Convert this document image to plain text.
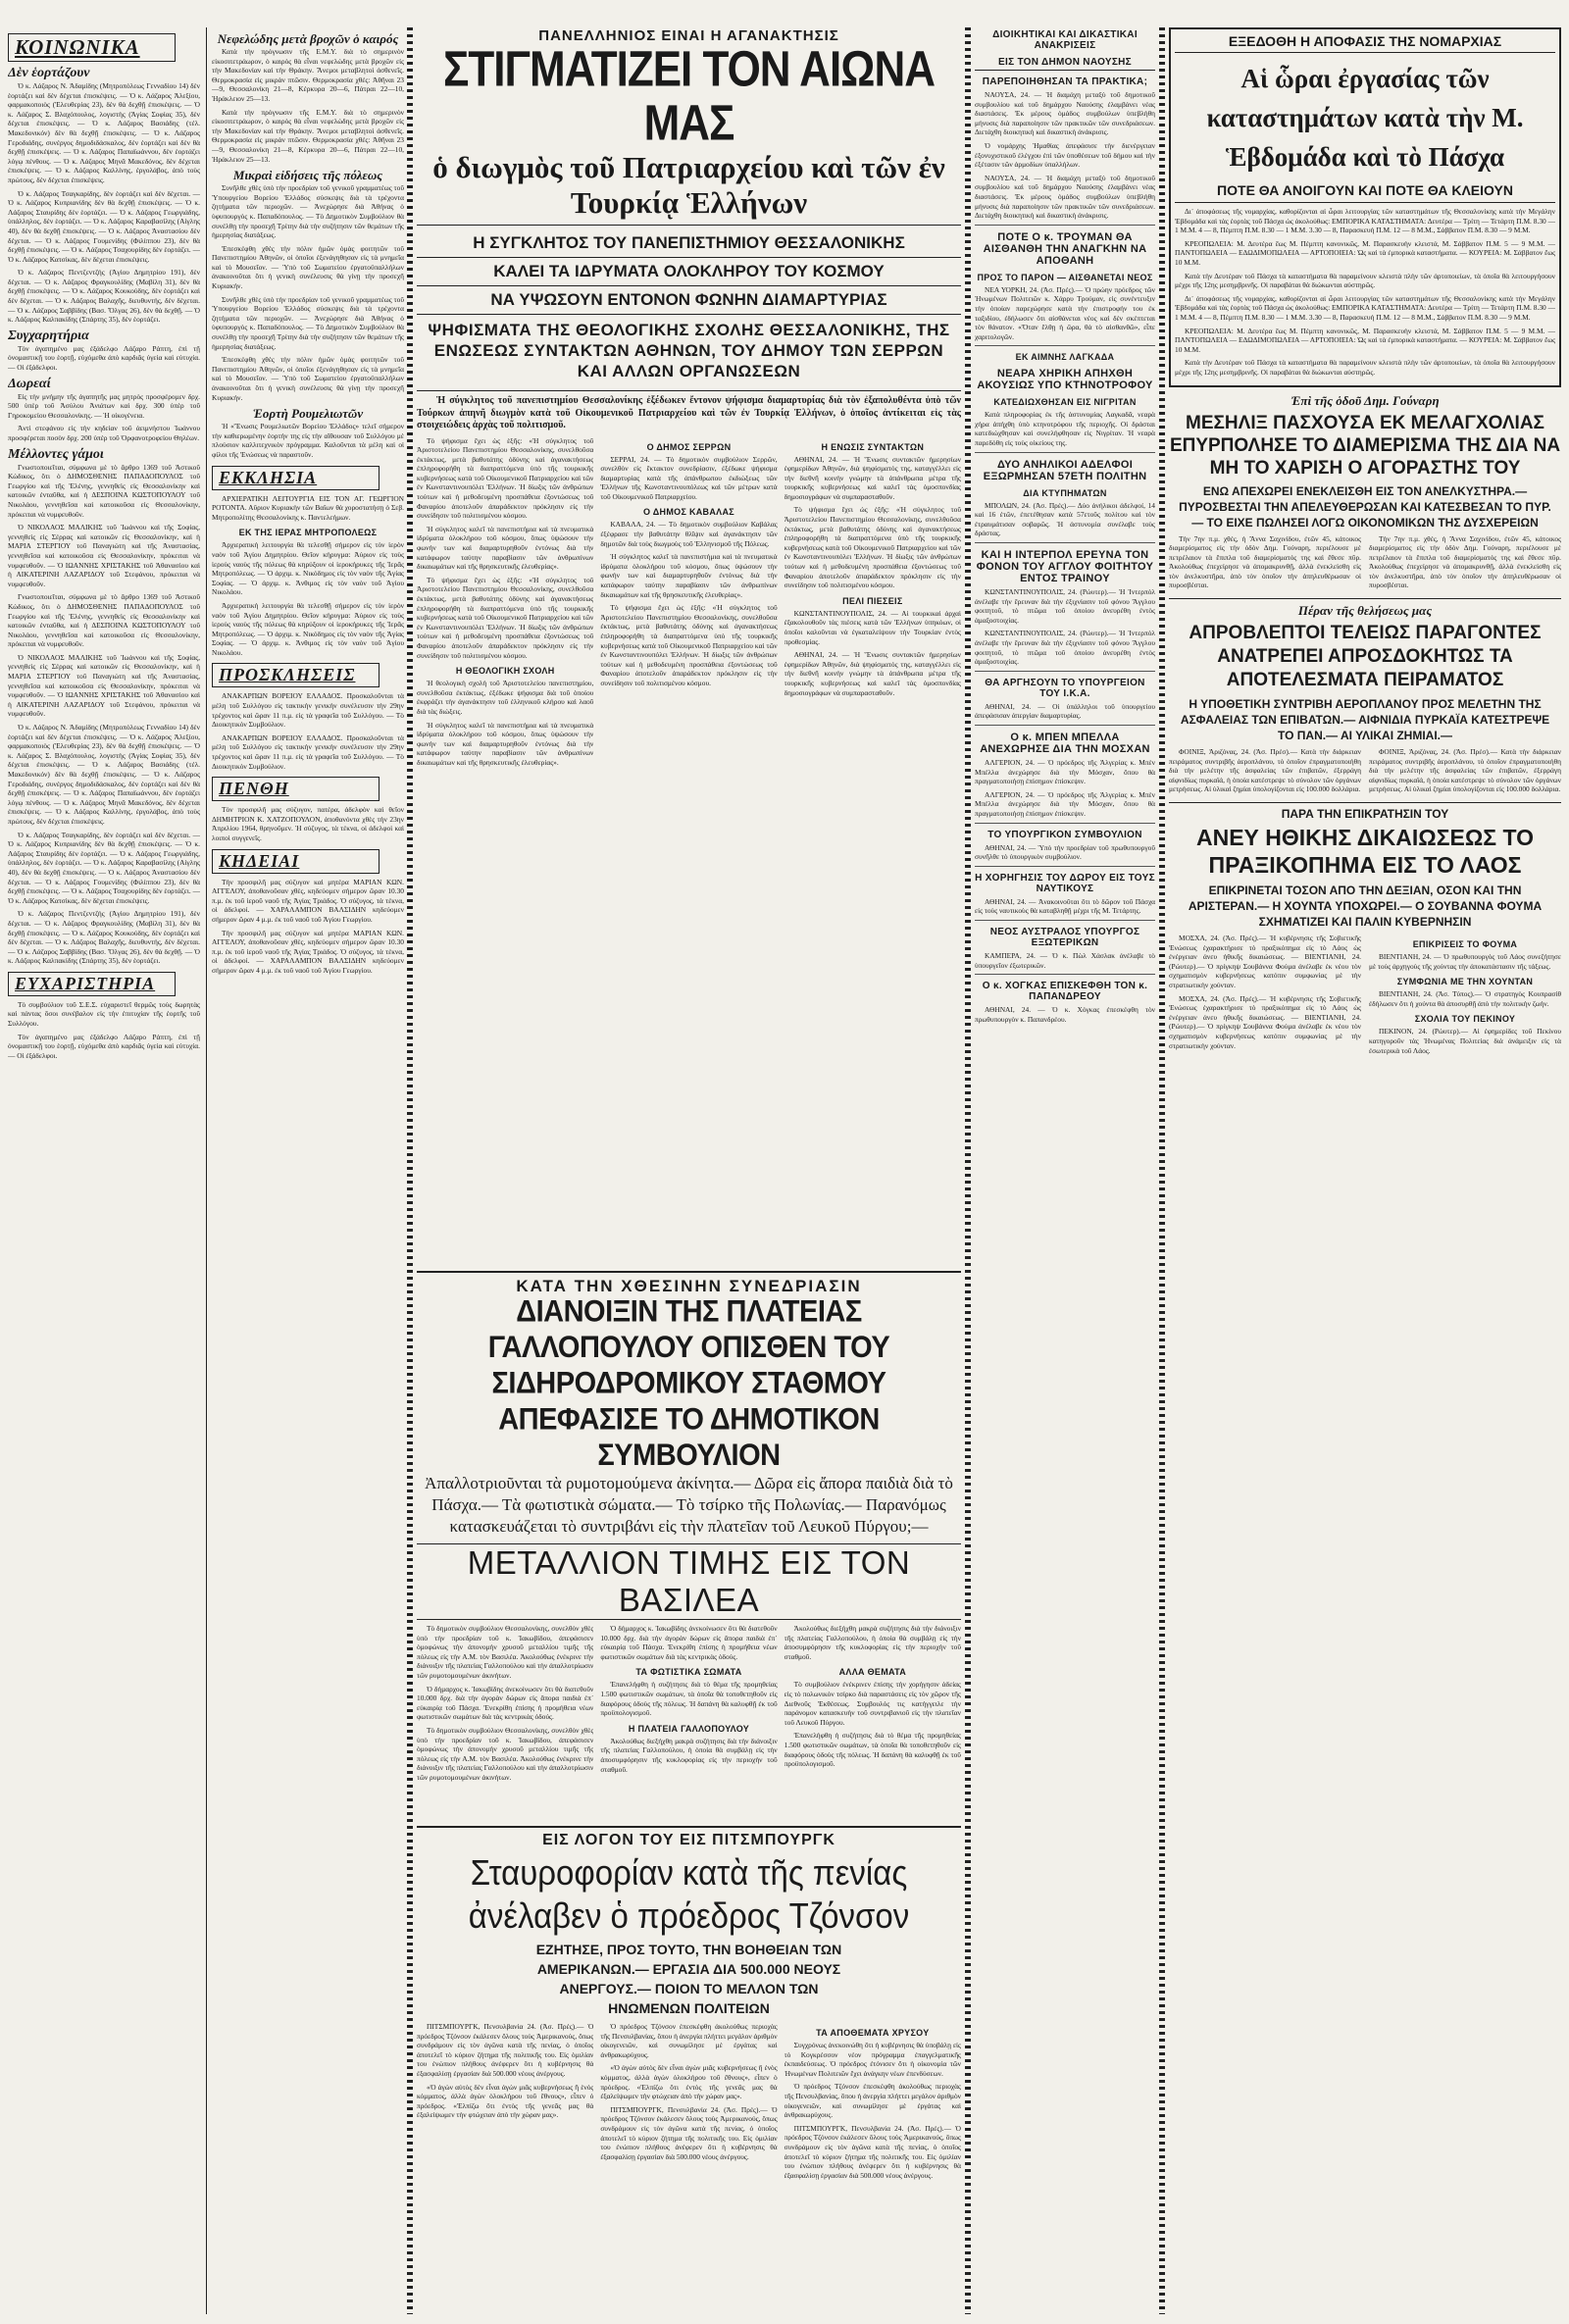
ΚΟΙΝΩΝΙΚΑ
Δὲν ἑορτάζουν

Ὁ κ. Λάζαρος Ν. Ἀδαμίδης (Μητροπόλεως Γενναδίου 14) δὲν ἑορτάζει καὶ δὲν δέχεται ἐπισκέψεις. — Ὁ κ. Λάζαρος Ἀλεξίου, φαρμακοποιὸς (Ἐλευθερίας 23), δὲν θὰ δεχθῇ ἐπισκέψεις. — Ὁ κ. Λάζαρος Σ. Βλαχόπουλος, λογιστὴς (Ἀγίας Σοφίας 35), δὲν δέχεται ἐπισκέψεις. — Ὁ κ. Λάζαρος Βασιάδης (τέλ. Μακεδονικόν) δὲν θὰ δεχθῇ ἐπισκέψεις. — Ὁ κ. Λάζαρος Γεροδιάδης, συνέργος δημοδιδάσκαλος, δὲν ἑορτάζει καὶ δὲν θὰ δεχθῇ ἐπισκέψεις. — Ὁ κ. Λάζαρος Παπαϊωάννου, δὲν ἑορτάζει λόγῳ πένθους. — Ὁ κ. Λάζαρος Μηνᾶ Μακεδόνος, δὲν δέχεται ἐπισκέψεις. — Ὁ κ. Λάζαρος Καλλίνης, ἐργολάβος, ἀπὸ τοὺς πρώτους, δὲν δέχεται ἐπισκέψεις.

Ὁ κ. Λάζαρος Τσαγκαρίδης, δὲν ἑορτάζει καὶ δὲν δέχεται. — Ὁ κ. Λάζαρος Κυπριανίδης δὲν θὰ δεχθῇ ἐπισκέψεις. — Ὁ κ. Λάζαρος Σταυρίδης δὲν ἑορτάζει. — Ὁ κ. Λάζαρος Γεωργιάδης, ὑπάλληλος, δὲν ἑορτάζει. — Ὁ κ. Λάζαρος Καραβασίλης (Αίγλης 40), δὲν θὰ δεχθῇ ἐπισκέψεις. — Ὁ κ. Λάζαρος Ἀναστασίου δὲν δέχεται. — Ὁ κ. Λάζαρος Γουμενίδης (Φιλίππου 23), δὲν θὰ δεχθῇ ἐπισκέψεις. — Ὁ κ. Λάζαρος Τσαχουρίδης δὲν ἑορτάζει. — Ὁ κ. Λάζαρος Κατσίκας, δὲν δέχεται ἐπισκέψεις.

Ὁ κ. Λάζαρος Πεντζεντζής (Ἀγίου Δημητρίου 191), δὲν δέχεται. — Ὁ κ. Λάζαρος Φραγκουλίδης (Μαβίλη 31), δὲν θὰ δεχθῇ ἐπισκέψεις. — Ὁ κ. Λάζαρος Κουκούδης, δὲν ἑορτάζει καὶ δὲν δέχεται. — Ὁ κ. Λάζαρος Βαλαχῆς, διευθυντής, δὲν δέχεται. — Ὁ κ. Λάζαρος Σαββίδης (Βασ. Ὄλγας 26), δὲν θὰ δεχθῇ. — Ὁ κ. Λάζαρος Καλπακίδης (Σπάρτης 35), δὲν ἑορτάζει.

Συγχαρητήρια

Τὸν ἀγαπημένο μας ἐξάδελφο Λάζαρο Ράπτη, ἐπὶ τῇ ὀνομαστικῇ του ἑορτῇ, εὐχόμεθα ἀπὸ καρδιᾶς ὑγεία καὶ εὐτυχία. — Οἱ ἐξάδελφοι.

Δωρεαί

Εἰς τὴν μνήμην τῆς ἀγαπητῆς μας μητρὸς προσφέρομεν δρχ. 500 ὑπὲρ τοῦ Ἀσύλου Ἀνιάτων καὶ δρχ. 300 ὑπὲρ τοῦ Γηροκομείου Θεσσαλονίκης. — Ἡ οἰκογένεια.

Ἀντὶ στεφάνου εἰς τὴν κηδείαν τοῦ ἀειμνήστου Ἰωάννου προσφέρεται ποσὸν δρχ. 200 ὑπὲρ τοῦ Ὀρφανοτροφείου Θηλέων.

Μέλλοντες γάμοι

Γνωστοποιεῖται, σύμφωνα μὲ τὸ ἄρθρο 1369 τοῦ Ἀστικοῦ Κώδικος, ὅτι ὁ ΔΗΜΟΣΘΕΝΗΣ ΠΑΠΑΔΟΠΟΥΛΟΣ τοῦ Γεωργίου καὶ τῆς Ἑλένης, γεννηθεὶς εἰς Θεσσαλονίκην καὶ κατοικῶν ἐνταῦθα, καὶ ἡ ΔΕΣΠΟΙΝΑ ΚΩΣΤΟΠΟΥΛΟΥ τοῦ Νικολάου, γεννηθεῖσα καὶ κατοικοῦσα εἰς Θεσσαλονίκην, πρόκειται νὰ νυμφευθοῦν.

Ὁ ΝΙΚΟΛΑΟΣ ΜΑΛΙΚΗΣ τοῦ Ἰωάννου καὶ τῆς Σοφίας, γεννηθεὶς εἰς Σέρρας καὶ κατοικῶν εἰς Θεσσαλονίκην, καὶ ἡ ΜΑΡΙΑ ΣΤΕΡΓΙΟΥ τοῦ Παναγιώτη καὶ τῆς Ἀναστασίας, γεννηθεῖσα καὶ κατοικοῦσα εἰς Θεσσαλονίκην, πρόκειται νὰ νυμφευθοῦν. — Ὁ ΙΩΑΝΝΗΣ ΧΡΙΣΤΑΚΗΣ τοῦ Ἀθανασίου καὶ ἡ ΑΙΚΑΤΕΡΙΝΗ ΛΑΖΑΡΙΔΟΥ τοῦ Στεφάνου, πρόκειται νὰ νυμφευθοῦν.

Γνωστοποιεῖται, σύμφωνα μὲ τὸ ἄρθρο 1369 τοῦ Ἀστικοῦ Κώδικος, ὅτι ὁ ΔΗΜΟΣΘΕΝΗΣ ΠΑΠΑΔΟΠΟΥΛΟΣ τοῦ Γεωργίου καὶ τῆς Ἑλένης, γεννηθεὶς εἰς Θεσσαλονίκην καὶ κατοικῶν ἐνταῦθα, καὶ ἡ ΔΕΣΠΟΙΝΑ ΚΩΣΤΟΠΟΥΛΟΥ τοῦ Νικολάου, γεννηθεῖσα καὶ κατοικοῦσα εἰς Θεσσαλονίκην, πρόκειται νὰ νυμφευθοῦν.

Ὁ ΝΙΚΟΛΑΟΣ ΜΑΛΙΚΗΣ τοῦ Ἰωάννου καὶ τῆς Σοφίας, γεννηθεὶς εἰς Σέρρας καὶ κατοικῶν εἰς Θεσσαλονίκην, καὶ ἡ ΜΑΡΙΑ ΣΤΕΡΓΙΟΥ τοῦ Παναγιώτη καὶ τῆς Ἀναστασίας, γεννηθεῖσα καὶ κατοικοῦσα εἰς Θεσσαλονίκην, πρόκειται νὰ νυμφευθοῦν. — Ὁ ΙΩΑΝΝΗΣ ΧΡΙΣΤΑΚΗΣ τοῦ Ἀθανασίου καὶ ἡ ΑΙΚΑΤΕΡΙΝΗ ΛΑΖΑΡΙΔΟΥ τοῦ Στεφάνου, πρόκειται νὰ νυμφευθοῦν.

Ὁ κ. Λάζαρος Ν. Ἀδαμίδης (Μητροπόλεως Γενναδίου 14) δὲν ἑορτάζει καὶ δὲν δέχεται ἐπισκέψεις. — Ὁ κ. Λάζαρος Ἀλεξίου, φαρμακοποιὸς (Ἐλευθερίας 23), δὲν θὰ δεχθῇ ἐπισκέψεις. — Ὁ κ. Λάζαρος Σ. Βλαχόπουλος, λογιστὴς (Ἀγίας Σοφίας 35), δὲν δέχεται ἐπισκέψεις. — Ὁ κ. Λάζαρος Βασιάδης (τέλ. Μακεδονικόν) δὲν θὰ δεχθῇ ἐπισκέψεις. — Ὁ κ. Λάζαρος Γεροδιάδης, συνέργος δημοδιδάσκαλος, δὲν ἑορτάζει καὶ δὲν θὰ δεχθῇ ἐπισκέψεις. — Ὁ κ. Λάζαρος Παπαϊωάννου, δὲν ἑορτάζει λόγῳ πένθους. — Ὁ κ. Λάζαρος Μηνᾶ Μακεδόνος, δὲν δέχεται ἐπισκέψεις. — Ὁ κ. Λάζαρος Καλλίνης, ἐργολάβος, ἀπὸ τοὺς πρώτους, δὲν δέχεται ἐπισκέψεις.

Ὁ κ. Λάζαρος Τσαγκαρίδης, δὲν ἑορτάζει καὶ δὲν δέχεται. — Ὁ κ. Λάζαρος Κυπριανίδης δὲν θὰ δεχθῇ ἐπισκέψεις. — Ὁ κ. Λάζαρος Σταυρίδης δὲν ἑορτάζει. — Ὁ κ. Λάζαρος Γεωργιάδης, ὑπάλληλος, δὲν ἑορτάζει. — Ὁ κ. Λάζαρος Καραβασίλης (Αίγλης 40), δὲν θὰ δεχθῇ ἐπισκέψεις. — Ὁ κ. Λάζαρος Ἀναστασίου δὲν δέχεται. — Ὁ κ. Λάζαρος Γουμενίδης (Φιλίππου 23), δὲν θὰ δεχθῇ ἐπισκέψεις. — Ὁ κ. Λάζαρος Τσαχουρίδης δὲν ἑορτάζει. — Ὁ κ. Λάζαρος Κατσίκας, δὲν δέχεται ἐπισκέψεις.

Ὁ κ. Λάζαρος Πεντζεντζής (Ἀγίου Δημητρίου 191), δὲν δέχεται. — Ὁ κ. Λάζαρος Φραγκουλίδης (Μαβίλη 31), δὲν θὰ δεχθῇ ἐπισκέψεις. — Ὁ κ. Λάζαρος Κουκούδης, δὲν ἑορτάζει καὶ δὲν δέχεται. — Ὁ κ. Λάζαρος Βαλαχῆς, διευθυντής, δὲν δέχεται. — Ὁ κ. Λάζαρος Σαββίδης (Βασ. Ὄλγας 26), δὲν θὰ δεχθῇ. — Ὁ κ. Λάζαρος Καλπακίδης (Σπάρτης 35), δὲν ἑορτάζει.

ΕΥΧΑΡΙΣΤΗΡΙΑ

Τὸ συμβούλιον τοῦ Σ.Ε.Σ. εὐχαριστεῖ θερμῶς τοὺς δωρητὰς καὶ πάντας ὅσοι συνέβαλον εἰς τὴν ἐπιτυχίαν τῆς ἑορτῆς τοῦ Συλλόγου.

Τὸν ἀγαπημένο μας ἐξάδελφο Λάζαρο Ράπτη, ἐπὶ τῇ ὀνομαστικῇ του ἑορτῇ, εὐχόμεθα ἀπὸ καρδιᾶς ὑγεία καὶ εὐτυχία. — Οἱ ἐξάδελφοι.

Νεφελώδης μετὰ βροχῶν ὁ καιρός

Κατὰ τὴν πρόγνωσιν τῆς Ε.Μ.Υ. διὰ τὸ σημερινὸν εἰκοσιτετράωρον, ὁ καιρὸς θὰ εἶναι νεφελώδης μετὰ βροχῶν εἰς τὴν Μακεδονίαν καὶ τὴν Θράκην. Ἄνεμοι μεταβλητοὶ ἀσθενεῖς. Θερμοκρασία εἰς μικρὰν πτῶσιν. Θερμοκρασία χθές: Ἀθῆναι 23—9, Θεσσαλονίκη 21—8, Κέρκυρα 20—6, Πάτραι 22—10, Ἡράκλειον 25—13.

Κατὰ τὴν πρόγνωσιν τῆς Ε.Μ.Υ. διὰ τὸ σημερινὸν εἰκοσιτετράωρον, ὁ καιρὸς θὰ εἶναι νεφελώδης μετὰ βροχῶν εἰς τὴν Μακεδονίαν καὶ τὴν Θράκην. Ἄνεμοι μεταβλητοὶ ἀσθενεῖς. Θερμοκρασία εἰς μικρὰν πτῶσιν. Θερμοκρασία χθές: Ἀθῆναι 23—9, Θεσσαλονίκη 21—8, Κέρκυρα 20—6, Πάτραι 22—10, Ἡράκλειον 25—13.

Μικραὶ εἰδήσεις τῆς πόλεως

Συνῆλθε χθὲς ὑπὸ τὴν προεδρίαν τοῦ γενικοῦ γραμματέως τοῦ Ὑπουργείου Βορείου Ἑλλάδος σύσκεψις διὰ τὰ τρέχοντα ζητήματα τῶν περιοχῶν. — Ἀνεχώρησε διὰ Ἀθήνας ὁ ὑφυπουργὸς κ. Παπαδόπουλος. — Τὸ Δημοτικὸν Συμβούλιον θὰ συνέλθῃ τὴν προσεχῆ Τρίτην διὰ τὴν συζήτησιν τῶν θεμάτων τῆς ἡμερησίας διατάξεως.

Ἐπεσκέφθη χθὲς τὴν πόλιν ἡμῶν ὁμὰς φοιτητῶν τοῦ Πανεπιστημίου Ἀθηνῶν, οἱ ὁποῖοι ἐξενάγηθησαν εἰς τὰ μνημεῖα καὶ τὸ Μουσεῖον. — Ὑπὸ τοῦ Σωματείου ἐργατοϋπαλλήλων ἀνακοινοῦται ὅτι ἡ γενικὴ συνέλευσις θὰ γίνῃ τὴν προσεχῆ Κυριακήν.

Συνῆλθε χθὲς ὑπὸ τὴν προεδρίαν τοῦ γενικοῦ γραμματέως τοῦ Ὑπουργείου Βορείου Ἑλλάδος σύσκεψις διὰ τὰ τρέχοντα ζητήματα τῶν περιοχῶν. — Ἀνεχώρησε διὰ Ἀθήνας ὁ ὑφυπουργὸς κ. Παπαδόπουλος. — Τὸ Δημοτικὸν Συμβούλιον θὰ συνέλθῃ τὴν προσεχῆ Τρίτην διὰ τὴν συζήτησιν τῶν θεμάτων τῆς ἡμερησίας διατάξεως.

Ἐπεσκέφθη χθὲς τὴν πόλιν ἡμῶν ὁμὰς φοιτητῶν τοῦ Πανεπιστημίου Ἀθηνῶν, οἱ ὁποῖοι ἐξενάγηθησαν εἰς τὰ μνημεῖα καὶ τὸ Μουσεῖον. — Ὑπὸ τοῦ Σωματείου ἐργατοϋπαλλήλων ἀνακοινοῦται ὅτι ἡ γενικὴ συνέλευσις θὰ γίνῃ τὴν προσεχῆ Κυριακήν.

Ἑορτὴ Ρουμελιωτῶν

Ἡ «Ἕνωσις Ρουμελιωτῶν Βορείου Ἑλλάδος» τελεῖ σήμερον τὴν καθιερωμένην ἑορτήν της εἰς τὴν αἴθουσαν τοῦ Συλλόγου μὲ πλούσιον καλλιτεχνικὸν πρόγραμμα. Καλοῦνται τὰ μέλη καὶ οἱ φίλοι τῆς Ἑνώσεως νὰ παραστοῦν.

ΕΚΚΛΗΣΙΑ

ΑΡΧΙΕΡΑΤΙΚΗ ΛΕΙΤΟΥΡΓΙΑ ΕΙΣ ΤΟΝ ΑΓ. ΓΕΩΡΓΙΟΝ ΡΟΤΟΝΤΑ. Αὔριον Κυριακὴν τῶν Βαΐων θὰ χοροστατήσῃ ὁ Σεβ. Μητροπολίτης Θεσσαλονίκης κ. Παντελεήμων.

ΕΚ ΤΗΣ ΙΕΡΑΣ ΜΗΤΡΟΠΟΛΕΩΣ

Ἀρχιερατικὴ λειτουργία θὰ τελεσθῇ σήμερον εἰς τὸν ἱερὸν ναὸν τοῦ Ἁγίου Δημητρίου. Θεῖον κήρυγμα: Ἀύριον εἰς τοὺς ἱεροὺς ναοὺς τῆς πόλεως θὰ κηρύξουν οἱ ἱεροκήρυκες τῆς Ἱερᾶς Μητροπόλεως. — Ὁ ἀρχιμ. κ. Νικόδημος εἰς τὸν ναὸν τῆς Ἁγίας Σοφίας. — Ὁ ἀρχιμ. κ. Ἀνθιμος εἰς τὸν ναὸν τοῦ Ἁγίου Νικολάου.

Ἀρχιερατικὴ λειτουργία θὰ τελεσθῇ σήμερον εἰς τὸν ἱερὸν ναὸν τοῦ Ἁγίου Δημητρίου. Θεῖον κήρυγμα: Ἀύριον εἰς τοὺς ἱεροὺς ναοὺς τῆς πόλεως θὰ κηρύξουν οἱ ἱεροκήρυκες τῆς Ἱερᾶς Μητροπόλεως. — Ὁ ἀρχιμ. κ. Νικόδημος εἰς τὸν ναὸν τῆς Ἁγίας Σοφίας. — Ὁ ἀρχιμ. κ. Ἀνθιμος εἰς τὸν ναὸν τοῦ Ἁγίου Νικολάου.

ΠΡΟΣΚΛΗΣΕΙΣ

ΑΝΑΚΑΡΠΩΝ ΒΟΡΕΙΟΥ ΕΛΛΑΔΟΣ. Προσκαλοῦνται τὰ μέλη τοῦ Συλλόγου εἰς τακτικὴν γενικὴν συνέλευσιν τὴν 29ην τρέχοντος καὶ ὥραν 11 π.μ. εἰς τὰ γραφεῖα τοῦ Συλλόγου. — Τὸ Διοικητικὸν Συμβούλιον.

ΑΝΑΚΑΡΠΩΝ ΒΟΡΕΙΟΥ ΕΛΛΑΔΟΣ. Προσκαλοῦνται τὰ μέλη τοῦ Συλλόγου εἰς τακτικὴν γενικὴν συνέλευσιν τὴν 29ην τρέχοντος καὶ ὥραν 11 π.μ. εἰς τὰ γραφεῖα τοῦ Συλλόγου. — Τὸ Διοικητικὸν Συμβούλιον.

ΠΕΝΘΗ

Τὸν προσφιλῆ μας σύζυγον, πατέρα, ἀδελφὸν καὶ θεῖον ΔΗΜΗΤΡΙΟΝ Κ. ΧΑΤΖΟΠΟΥΛΟΝ, ἀποθανόντα χθὲς τὴν 23ην Ἀπριλίου 1964, θρηνοῦμεν. Ἡ σύζυγος, τὰ τέκνα, οἱ ἀδελφοὶ καὶ λοιποὶ συγγενεῖς.

ΚΗΔΕΙΑΙ

Τὴν προσφιλῆ μας σύζυγον καὶ μητέρα ΜΑΡΙΑΝ ΚΩΝ. ΑΓΓΕΛΟΥ, ἀποθανοῦσαν χθὲς, κηδεύομεν σήμερον ὥραν 10.30 π.μ. ἐκ τοῦ ἱεροῦ ναοῦ τῆς Ἁγίας Τριάδος. Ὁ σύζυγος, τὰ τέκνα, οἱ ἀδελφοί. — ΧΑΡΑΛΑΜΠΟΝ ΒΑΛΣΙΔΗΝ κηδεύομεν σήμερον ὥραν 4 μ.μ. ἐκ τοῦ ναοῦ τοῦ Ἁγίου Γεωργίου.

Τὴν προσφιλῆ μας σύζυγον καὶ μητέρα ΜΑΡΙΑΝ ΚΩΝ. ΑΓΓΕΛΟΥ, ἀποθανοῦσαν χθὲς, κηδεύομεν σήμερον ὥραν 10.30 π.μ. ἐκ τοῦ ἱεροῦ ναοῦ τῆς Ἁγίας Τριάδος. Ὁ σύζυγος, τὰ τέκνα, οἱ ἀδελφοί. — ΧΑΡΑΛΑΜΠΟΝ ΒΑΛΣΙΔΗΝ κηδεύομεν σήμερον ὥραν 4 μ.μ. ἐκ τοῦ ναοῦ τοῦ Ἁγίου Γεωργίου.

ΠΑΝΕΛΛΗΝΙΟΣ ΕΙΝΑΙ Η ΑΓΑΝΑΚΤΗΣΙΣ
ΣΤΙΓΜΑΤΙΖΕΙ ΤΟΝ ΑΙΩΝΑ ΜΑΣ
ὁ διωγμὸς τοῦ Πατριαρχείου καὶ τῶν ἐν Τουρκίᾳ Ἑλλήνων
Η ΣΥΓΚΛΗΤΟΣ ΤΟΥ ΠΑΝΕΠΙΣΤΗΜΙΟΥ ΘΕΣΣΑΛΟΝΙΚΗΣ
ΚΑΛΕΙ ΤΑ ΙΔΡΥΜΑΤΑ ΟΛΟΚΛΗΡΟΥ ΤΟΥ ΚΟΣΜΟΥ
ΝΑ ΥΨΩΣΟΥΝ ΕΝΤΟΝΟΝ ΦΩΝΗΝ ΔΙΑΜΑΡΤΥΡΙΑΣ
ΨΗΦΙΣΜΑΤΑ ΤΗΣ ΘΕΟΛΟΓΙΚΗΣ ΣΧΟΛΗΣ ΘΕΣΣΑΛΟΝΙΚΗΣ, ΤΗΣ ΕΝΩΣΕΩΣ ΣΥΝΤΑΚΤΩΝ ΑΘΗΝΩΝ, ΤΟΥ ΔΗΜΟΥ ΤΩΝ ΣΕΡΡΩΝ ΚΑΙ ΑΛΛΩΝ ΟΡΓΑΝΩΣΕΩΝ

Ἡ σύγκλητος τοῦ πανεπιστημίου Θεσσαλονίκης ἐξέδωκεν ἔντονον ψήφισμα διαμαρτυρίας διὰ τὸν ἐξαπολυθέντα ὑπὸ τῶν Τούρκων ἀπηνῆ διωγμὸν κατὰ τοῦ Οἰκουμενικοῦ Πατριαρχείου καὶ τῶν ἐν Τουρκίᾳ Ἑλλήνων, ὁ ὁποῖος ἀντίκειται εἰς τὰς στοιχειώδεις ἀρχὰς τοῦ πολιτισμοῦ.

Τὸ ψήφισμα ἔχει ὡς ἑξῆς: «Ἡ σύγκλητος τοῦ Ἀριστοτελείου Πανεπιστημίου Θεσσαλονίκης, συνελθοῦσα ἐκτάκτως, μετὰ βαθυτάτης ὀδύνης καὶ ἀγανακτήσεως ἐπληροφορήθη τὰ διαπραττόμενα ὑπὸ τῆς τουρκικῆς κυβερνήσεως κατὰ τοῦ Οἰκουμενικοῦ Πατριαρχείου καὶ τῶν ἐν Κωνσταντινουπόλει Ἑλλήνων. Ἡ δίωξις τῶν ἀνθρώπων τούτων καὶ ἡ μεθοδευμένη προσπάθεια ἐξοντώσεως τοῦ Φαναρίου ἀποτελοῦν ἀπαράδεκτον πρόκλησιν εἰς τὴν συνείδησιν τοῦ πολιτισμένου κόσμου.

Ἡ σύγκλητος καλεῖ τὰ πανεπιστήμια καὶ τὰ πνευματικὰ ἱδρύματα ὁλοκλήρου τοῦ κόσμου, ὅπως ὑψώσουν τὴν φωνήν των καὶ διαμαρτυρηθοῦν ἐντόνως διὰ τὴν κατάφωρον ταύτην παραβίασιν τῶν ἀνθρωπίνων δικαιωμάτων καὶ τῆς θρησκευτικῆς ἐλευθερίας».

Τὸ ψήφισμα ἔχει ὡς ἑξῆς: «Ἡ σύγκλητος τοῦ Ἀριστοτελείου Πανεπιστημίου Θεσσαλονίκης, συνελθοῦσα ἐκτάκτως, μετὰ βαθυτάτης ὀδύνης καὶ ἀγανακτήσεως ἐπληροφορήθη τὰ διαπραττόμενα ὑπὸ τῆς τουρκικῆς κυβερνήσεως κατὰ τοῦ Οἰκουμενικοῦ Πατριαρχείου καὶ τῶν ἐν Κωνσταντινουπόλει Ἑλλήνων. Ἡ δίωξις τῶν ἀνθρώπων τούτων καὶ ἡ μεθοδευμένη προσπάθεια ἐξοντώσεως τοῦ Φαναρίου ἀποτελοῦν ἀπαράδεκτον πρόκλησιν εἰς τὴν συνείδησιν τοῦ πολιτισμένου κόσμου.

Η ΘΕΟΛΟΓΙΚΗ ΣΧΟΛΗ

Ἡ θεολογικὴ σχολὴ τοῦ Ἀριστοτελείου πανεπιστημίου, συνελθοῦσα ἐκτάκτως, ἐξέδωκε ψήφισμα διὰ τοῦ ὁποίου ἐκφράζει τὴν ἀγανάκτησιν τοῦ ἑλληνικοῦ κλήρου καὶ λαοῦ διὰ τὰς διώξεις.

Ἡ σύγκλητος καλεῖ τὰ πανεπιστήμια καὶ τὰ πνευματικὰ ἱδρύματα ὁλοκλήρου τοῦ κόσμου, ὅπως ὑψώσουν τὴν φωνήν των καὶ διαμαρτυρηθοῦν ἐντόνως διὰ τὴν κατάφωρον ταύτην παραβίασιν τῶν ἀνθρωπίνων δικαιωμάτων καὶ τῆς θρησκευτικῆς ἐλευθερίας».

Ο ΔΗΜΟΣ ΣΕΡΡΩΝ

ΣΕΡΡΑΙ, 24. — Τὸ δημοτικὸν συμβούλιον Σερρῶν, συνελθὸν εἰς ἔκτακτον συνεδρίασιν, ἐξέδωκε ψήφισμα διαμαρτυρίας κατὰ τῆς ἀπάνθρωπου ἐκδιώξεως τῶν Ἑλλήνων τῆς Κωνσταντινουπόλεως καὶ τῶν μέτρων κατὰ τοῦ Οἰκουμενικοῦ Πατριαρχείου.

Ο ΔΗΜΟΣ ΚΑΒΑΛΑΣ

ΚΑΒΑΛΑ, 24. — Τὸ δημοτικὸν συμβούλιον Καβάλας ἐξέφρασε τὴν βαθυτάτην θλῖψιν καὶ ἀγανάκτησιν τῶν δημοτῶν διὰ τοὺς διωγμοὺς τοῦ Ἑλληνισμοῦ τῆς Πόλεως.

Ἡ σύγκλητος καλεῖ τὰ πανεπιστήμια καὶ τὰ πνευματικὰ ἱδρύματα ὁλοκλήρου τοῦ κόσμου, ὅπως ὑψώσουν τὴν φωνήν των καὶ διαμαρτυρηθοῦν ἐντόνως διὰ τὴν κατάφωρον ταύτην παραβίασιν τῶν ἀνθρωπίνων δικαιωμάτων καὶ τῆς θρησκευτικῆς ἐλευθερίας».

Τὸ ψήφισμα ἔχει ὡς ἑξῆς: «Ἡ σύγκλητος τοῦ Ἀριστοτελείου Πανεπιστημίου Θεσσαλονίκης, συνελθοῦσα ἐκτάκτως, μετὰ βαθυτάτης ὀδύνης καὶ ἀγανακτήσεως ἐπληροφορήθη τὰ διαπραττόμενα ὑπὸ τῆς τουρκικῆς κυβερνήσεως κατὰ τοῦ Οἰκουμενικοῦ Πατριαρχείου καὶ τῶν ἐν Κωνσταντινουπόλει Ἑλλήνων. Ἡ δίωξις τῶν ἀνθρώπων τούτων καὶ ἡ μεθοδευμένη προσπάθεια ἐξοντώσεως τοῦ Φαναρίου ἀποτελοῦν ἀπαράδεκτον πρόκλησιν εἰς τὴν συνείδησιν τοῦ πολιτισμένου κόσμου.

Η ΕΝΩΣΙΣ ΣΥΝΤΑΚΤΩΝ

ΑΘΗΝΑΙ, 24. — Ἡ Ἕνωσις συντακτῶν ἡμερησίων ἐφημερίδων Ἀθηνῶν, διὰ ψηφίσματός της, καταγγέλλει εἰς τὴν διεθνῆ κοινὴν γνώμην τὰ ἀπάνθρωπα μέτρα τῆς τουρκικῆς κυβερνήσεως καὶ καλεῖ τὰς ὁμοσπονδίας δημοσιογράφων νὰ συμπαρασταθοῦν.

Τὸ ψήφισμα ἔχει ὡς ἑξῆς: «Ἡ σύγκλητος τοῦ Ἀριστοτελείου Πανεπιστημίου Θεσσαλονίκης, συνελθοῦσα ἐκτάκτως, μετὰ βαθυτάτης ὀδύνης καὶ ἀγανακτήσεως ἐπληροφορήθη τὰ διαπραττόμενα ὑπὸ τῆς τουρκικῆς κυβερνήσεως κατὰ τοῦ Οἰκουμενικοῦ Πατριαρχείου καὶ τῶν ἐν Κωνσταντινουπόλει Ἑλλήνων. Ἡ δίωξις τῶν ἀνθρώπων τούτων καὶ ἡ μεθοδευμένη προσπάθεια ἐξοντώσεως τοῦ Φαναρίου ἀποτελοῦν ἀπαράδεκτον πρόκλησιν εἰς τὴν συνείδησιν τοῦ πολιτισμένου κόσμου.

ΠΕΛΙ ΠΙΕΣΕΙΣ

ΚΩΝΣΤΑΝΤΙΝΟΥΠΟΛΙΣ, 24. — Αἱ τουρκικαὶ ἀρχαὶ ἐξακολουθοῦν τὰς πιέσεις κατὰ τῶν Ἑλλήνων ὑπηκόων, οἱ ὁποῖοι καλοῦνται νὰ ἐγκαταλείψουν τὴν Τουρκίαν ἐντὸς προθεσμίας.

ΑΘΗΝΑΙ, 24. — Ἡ Ἕνωσις συντακτῶν ἡμερησίων ἐφημερίδων Ἀθηνῶν, διὰ ψηφίσματός της, καταγγέλλει εἰς τὴν διεθνῆ κοινὴν γνώμην τὰ ἀπάνθρωπα μέτρα τῆς τουρκικῆς κυβερνήσεως καὶ καλεῖ τὰς ὁμοσπονδίας δημοσιογράφων νὰ συμπαρασταθοῦν.

ΚΑΤΑ ΤΗΝ ΧΘΕΣΙΝΗΝ ΣΥΝΕΔΡΙΑΣΙΝ
ΔΙΑΝΟΙΞΙΝ ΤΗΣ ΠΛΑΤΕΙΑΣ ΓΑΛΛΟΠΟΥΛΟΥ ΟΠΙΣΘΕΝ ΤΟΥ ΣΙΔΗΡΟΔΡΟΜΙΚΟΥ ΣΤΑΘΜΟΥ ΑΠΕΦΑΣΙΣΕ ΤΟ ΔΗΜΟΤΙΚΟΝ ΣΥΜΒΟΥΛΙΟΝ
Ἀπαλλοτριοῦνται τὰ ρυμοτομούμενα ἀκίνητα.— Δῶρα εἰς ἄπορα παιδιὰ διὰ τὸ Πάσχα.— Τὰ φωτιστικὰ σώματα.— Τὸ τσίρκο τῆς Πολωνίας.— Παρανόμως κατασκευάζεται τὸ συντριβάνι εἰς τὴν πλατεῖαν τοῦ Λευκοῦ Πύργου;—
ΜΕΤΑΛΛΙΟΝ ΤΙΜΗΣ ΕΙΣ ΤΟΝ ΒΑΣΙΛΕΑ

Τὸ δημοτικὸν συμβούλιον Θεσσαλονίκης, συνελθὸν χθὲς ὑπὸ τὴν προεδρίαν τοῦ κ. Ἰακωβίδου, ἀπεφάσισεν ὁμοφώνως τὴν ἀπονομὴν χρυσοῦ μεταλλίου τιμῆς τῆς πόλεως εἰς τὴν Α.Μ. τὸν Βασιλέα. Ἀκολούθως ἐνέκρινε τὴν διάνοιξιν τῆς πλατείας Γαλλοπούλου καὶ τὴν ἀπαλλοτρίωσιν τῶν ρυμοτομουμένων ἀκινήτων.

Ὁ δήμαρχος κ. Ἰακωβίδης ἀνεκοίνωσεν ὅτι θὰ διατεθοῦν 10.000 δρχ. διὰ τὴν ἀγορὰν δώρων εἰς ἄπορα παιδιὰ ἐπ᾽ εὐκαιρίᾳ τοῦ Πάσχα. Ἐνεκρίθη ἐπίσης ἡ προμήθεια νέων φωτιστικῶν σωμάτων διὰ τὰς κεντρικὰς ὁδούς.

Τὸ δημοτικὸν συμβούλιον Θεσσαλονίκης, συνελθὸν χθὲς ὑπὸ τὴν προεδρίαν τοῦ κ. Ἰακωβίδου, ἀπεφάσισεν ὁμοφώνως τὴν ἀπονομὴν χρυσοῦ μεταλλίου τιμῆς τῆς πόλεως εἰς τὴν Α.Μ. τὸν Βασιλέα. Ἀκολούθως ἐνέκρινε τὴν διάνοιξιν τῆς πλατείας Γαλλοπούλου καὶ τὴν ἀπαλλοτρίωσιν τῶν ρυμοτομουμένων ἀκινήτων.

Ὁ δήμαρχος κ. Ἰακωβίδης ἀνεκοίνωσεν ὅτι θὰ διατεθοῦν 10.000 δρχ. διὰ τὴν ἀγορὰν δώρων εἰς ἄπορα παιδιὰ ἐπ᾽ εὐκαιρίᾳ τοῦ Πάσχα. Ἐνεκρίθη ἐπίσης ἡ προμήθεια νέων φωτιστικῶν σωμάτων διὰ τὰς κεντρικὰς ὁδούς.

ΤΑ ΦΩΤΙΣΤΙΚΑ ΣΩΜΑΤΑ

Ἐπανελήφθη ἡ συζήτησις διὰ τὸ θέμα τῆς προμηθείας 1.500 φωτιστικῶν σωμάτων, τὰ ὁποῖα θὰ τοποθετηθοῦν εἰς διαφόρους ὁδοὺς τῆς πόλεως. Ἡ δαπάνη θὰ καλυφθῇ ἐκ τοῦ προϋπολογισμοῦ.

Η ΠΛΑΤΕΙΑ ΓΑΛΛΟΠΟΥΛΟΥ

Ἀκολούθως διεξήχθη μακρὰ συζήτησις διὰ τὴν διάνοιξιν τῆς πλατείας Γαλλοπούλου, ἡ ὁποία θὰ συμβάλῃ εἰς τὴν ἀποσυμφόρησιν τῆς κυκλοφορίας εἰς τὴν περιοχὴν τοῦ σταθμοῦ.

Ἀκολούθως διεξήχθη μακρὰ συζήτησις διὰ τὴν διάνοιξιν τῆς πλατείας Γαλλοπούλου, ἡ ὁποία θὰ συμβάλῃ εἰς τὴν ἀποσυμφόρησιν τῆς κυκλοφορίας εἰς τὴν περιοχὴν τοῦ σταθμοῦ.

ΑΛΛΑ ΘΕΜΑΤΑ

Τὸ συμβούλιον ἐνέκρινεν ἐπίσης τὴν χορήγησιν ἀδείας εἰς τὸ πολωνικὸν τσίρκο διὰ παραστάσεις εἰς τὸν χῶρον τῆς Διεθνοῦς Ἐκθέσεως. Συμβουλός τις κατήγγειλε τὴν παράνομον κατασκευὴν τοῦ συντριβανιοῦ εἰς τὴν πλατεῖαν τοῦ Λευκοῦ Πύργου.

Ἐπανελήφθη ἡ συζήτησις διὰ τὸ θέμα τῆς προμηθείας 1.500 φωτιστικῶν σωμάτων, τὰ ὁποῖα θὰ τοποθετηθοῦν εἰς διαφόρους ὁδοὺς τῆς πόλεως. Ἡ δαπάνη θὰ καλυφθῇ ἐκ τοῦ προϋπολογισμοῦ.

ΕΙΣ ΛΟΓΟΝ ΤΟΥ ΕΙΣ ΠΙΤΣΜΠΟΥΡΓΚ
Σταυροφορίαν κατὰ τῆς πενίας ἀνέλαβεν ὁ πρόεδρος Τζόνσον
ΕΖΗΤΗΣΕ, ΠΡΟΣ ΤΟΥΤΟ, ΤΗΝ ΒΟΗΘΕΙΑΝ ΤΩΝ ΑΜΕΡΙΚΑΝΩΝ.— ΕΡΓΑΣΙΑ ΔΙΑ 500.000 ΝΕΟΥΣ ΑΝΕΡΓΟΥΣ.— ΠΟΙΟΝ ΤΟ ΜΕΛΛΟΝ ΤΩΝ ΗΝΩΜΕΝΩΝ ΠΟΛΙΤΕΙΩΝ

ΠΙΤΣΜΠΟΥΡΓΚ, Πενσυλβανία 24. (Ἀσ. Πρές).— Ὁ πρόεδρος Τζόνσον ἐκάλεσεν ὅλους τοὺς Ἀμερικανούς, ὅπως συνδράμουν εἰς τὸν ἀγῶνα κατὰ τῆς πενίας, ὁ ὁποῖος ἀποτελεῖ τὸ κύριον ζήτημα τῆς πολιτικῆς του. Εἰς ὁμιλίαν του ἐνώπιον πλήθους ἀνέφερεν ὅτι ἡ κυβέρνησις θὰ ἐξασφαλίσῃ ἐργασίαν διὰ 500.000 νέους ἀνέργους.

«Ὁ ἀγὼν αὐτὸς δὲν εἶναι ἀγὼν μιᾶς κυβερνήσεως ἢ ἑνὸς κόμματος, ἀλλὰ ἀγὼν ὁλοκλήρου τοῦ ἔθνους», εἶπεν ὁ πρόεδρος. «Ἐλπίζω ὅτι ἐντὸς τῆς γενεᾶς μας θὰ ἐξαλείψωμεν τὴν φτώχειαν ἀπὸ τὴν χώραν μας».

Ὁ πρόεδρος Τζόνσον ἐπεσκέφθη ἀκολούθως περιοχὰς τῆς Πενσυλβανίας, ὅπου ἡ ἀνεργία πλήττει μεγάλον ἀριθμὸν οἰκογενειῶν, καὶ συνωμίλησε μὲ ἐργάτας καὶ ἀνθρακωρύχους.

«Ὁ ἀγὼν αὐτὸς δὲν εἶναι ἀγὼν μιᾶς κυβερνήσεως ἢ ἑνὸς κόμματος, ἀλλὰ ἀγὼν ὁλοκλήρου τοῦ ἔθνους», εἶπεν ὁ πρόεδρος. «Ἐλπίζω ὅτι ἐντὸς τῆς γενεᾶς μας θὰ ἐξαλείψωμεν τὴν φτώχειαν ἀπὸ τὴν χώραν μας».

ΠΙΤΣΜΠΟΥΡΓΚ, Πενσυλβανία 24. (Ἀσ. Πρές).— Ὁ πρόεδρος Τζόνσον ἐκάλεσεν ὅλους τοὺς Ἀμερικανούς, ὅπως συνδράμουν εἰς τὸν ἀγῶνα κατὰ τῆς πενίας, ὁ ὁποῖος ἀποτελεῖ τὸ κύριον ζήτημα τῆς πολιτικῆς του. Εἰς ὁμιλίαν του ἐνώπιον πλήθους ἀνέφερεν ὅτι ἡ κυβέρνησις θὰ ἐξασφαλίσῃ ἐργασίαν διὰ 500.000 νέους ἀνέργους.

ΤΑ ΑΠΟΘΕΜΑΤΑ ΧΡΥΣΟΥ

Συγχρόνως ἀνεκοινώθη ὅτι ἡ κυβέρνησις θὰ ὑποβάλῃ εἰς τὸ Κογκρέσσον νέον πρόγραμμα ἐπαγγελματικῆς ἐκπαιδεύσεως. Ὁ πρόεδρος ἐτόνισεν ὅτι ἡ οἰκονομία τῶν Ἡνωμένων Πολιτειῶν ἔχει ἀνάγκην νέων ἐπενδύσεων.

Ὁ πρόεδρος Τζόνσον ἐπεσκέφθη ἀκολούθως περιοχὰς τῆς Πενσυλβανίας, ὅπου ἡ ἀνεργία πλήττει μεγάλον ἀριθμὸν οἰκογενειῶν, καὶ συνωμίλησε μὲ ἐργάτας καὶ ἀνθρακωρύχους.

ΠΙΤΣΜΠΟΥΡΓΚ, Πενσυλβανία 24. (Ἀσ. Πρές).— Ὁ πρόεδρος Τζόνσον ἐκάλεσεν ὅλους τοὺς Ἀμερικανούς, ὅπως συνδράμουν εἰς τὸν ἀγῶνα κατὰ τῆς πενίας, ὁ ὁποῖος ἀποτελεῖ τὸ κύριον ζήτημα τῆς πολιτικῆς του. Εἰς ὁμιλίαν του ἐνώπιον πλήθους ἀνέφερεν ὅτι ἡ κυβέρνησις θὰ ἐξασφαλίσῃ ἐργασίαν διὰ 500.000 νέους ἀνέργους.

ΔΙΟΙΚΗΤΙΚΑΙ ΚΑΙ ΔΙΚΑΣΤΙΚΑΙ ΑΝΑΚΡΙΣΕΙΣ
ΕΙΣ ΤΟΝ ΔΗΜΟΝ ΝΑΟΥΣΗΣ
ΠΑΡΕΠΟΙΗΘΗΣΑΝ ΤΑ ΠΡΑΚΤΙΚΑ;

ΝΑΟΥΣΑ, 24. — Ἡ διαμάχη μεταξὺ τοῦ δημοτικοῦ συμβουλίου καὶ τοῦ δημάρχου Ναούσης ἐλαμβάνει νέας διαστάσεις. Ἐκ μέρους ὁμάδος συμβούλων ὑπεβλήθη μήνυσις διὰ παραποίησιν τῶν πρακτικῶν τῶν συνεδριάσεων. Διετάχθη διοικητικὴ καὶ δικαστικὴ ἀνάκρισις.

Ὁ νομάρχης Ἠμαθίας ἀπεφάσισε τὴν διενέργειαν ἐξονυχιστικοῦ ἐλέγχου ἐπὶ τῶν ὑποθέσεων τοῦ δήμου καὶ τὴν ἐξέτασιν τῶν ἀρμοδίων ὑπαλλήλων.

ΝΑΟΥΣΑ, 24. — Ἡ διαμάχη μεταξὺ τοῦ δημοτικοῦ συμβουλίου καὶ τοῦ δημάρχου Ναούσης ἐλαμβάνει νέας διαστάσεις. Ἐκ μέρους ὁμάδος συμβούλων ὑπεβλήθη μήνυσις διὰ παραποίησιν τῶν πρακτικῶν τῶν συνεδριάσεων. Διετάχθη διοικητικὴ καὶ δικαστικὴ ἀνάκρισις.

ΠΟΤΕ Ο κ. ΤΡΟΥΜΑΝ ΘΑ ΑΙΣΘΑΝΘΗ ΤΗΝ ΑΝΑΓΚΗΝ ΝΑ ΑΠΟΘΑΝΗ
ΠΡΟΣ ΤΟ ΠΑΡΟΝ — ΑΙΣΘΑΝΕΤΑΙ ΝΕΟΣ

ΝΕΑ ΥΟΡΚΗ, 24. (Ἀσ. Πρές).— Ὁ πρώην πρόεδρος τῶν Ἡνωμένων Πολιτειῶν κ. Χάρρυ Τρούμαν, εἰς συνέντευξιν τὴν ὁποίαν παρεχώρησε κατὰ τὴν ἐπιστροφήν του ἐκ ταξιδίου, ἐδήλωσεν ὅτι αἰσθάνεται νέος καὶ δὲν σκέπτεται τὸν θάνατον. «Ὅταν ἔλθῃ ἡ ὥρα, θὰ τὸ αἰσθανθῶ», εἶπε χαριτολογῶν.

ΕΚ ΑΙΜΝΗΣ ΛΑΓΚΑΔΑ
ΝΕΑΡΑ ΧΗΡΙΚΗ ΑΠΗΧΘΗ ΑΚΟΥΣΙΩΣ ΥΠΟ ΚΤΗΝΟΤΡΟΦΟΥ
ΚΑΤΕΔΙΩΧΘΗΣΑΝ ΕΙΣ ΝΙΓΡΙΤΑΝ

Κατὰ πληροφορίας ἐκ τῆς ἀστυνομίας Λαγκαδᾶ, νεαρὰ χήρα ἀπήχθη ὑπὸ κτηνοτρόφου τῆς περιοχῆς. Οἱ δράσται κατεδιώχθησαν καὶ συνελήφθησαν εἰς Νιγρίταν. Ἡ νεαρὰ παρεδόθη εἰς τοὺς οἰκείους της.

ΔΥΟ ΑΝΗΛΙΚΟΙ ΑΔΕΛΦΟΙ ΕΞΩΡΜΗΣΑΝ 57ΕΤΗ ΠΟΛΙΤΗΝ
ΔΙΑ ΚΤΥΠΗΜΑΤΩΝ

ΜΠΟΛΩΝ, 24. (Ἀσ. Πρές).— Δύο ἀνήλικοι ἀδελφοί, 14 καὶ 16 ἐτῶν, ἐπετέθησαν κατὰ 57ετοῦς πολίτου καὶ τὸν ἐτραυμάτισαν σοβαρῶς. Ἡ ἀστυνομία συνέλαβε τοὺς δράστας.

ΚΑΙ Η ΙΝΤΕΡΠΟΛ ΕΡΕΥΝΑ ΤΟΝ ΦΟΝΟΝ ΤΟΥ ΑΓΓΛΟΥ ΦΟΙΤΗΤΟΥ ΕΝΤΟΣ ΤΡΑΙΝΟΥ

ΚΩΝΣΤΑΝΤΙΝΟΥΠΟΛΙΣ, 24. (Ρώυτερ).— Ἡ Ἰντερπὸλ ἀνέλαβε τὴν ἔρευναν διὰ τὴν ἐξιχνίασιν τοῦ φόνου Ἄγγλου φοιτητοῦ, τὸ πτῶμα τοῦ ὁποίου ἀνευρέθη ἐντὸς ἁμαξοστοιχίας.

ΚΩΝΣΤΑΝΤΙΝΟΥΠΟΛΙΣ, 24. (Ρώυτερ).— Ἡ Ἰντερπὸλ ἀνέλαβε τὴν ἔρευναν διὰ τὴν ἐξιχνίασιν τοῦ φόνου Ἄγγλου φοιτητοῦ, τὸ πτῶμα τοῦ ὁποίου ἀνευρέθη ἐντὸς ἁμαξοστοιχίας.

ΘΑ ΑΡΓΗΣΟΥΝ ΤΟ ΥΠΟΥΡΓΕΙΟΝ ΤΟΥ Ι.Κ.Α.

ΑΘΗΝΑΙ, 24. — Οἱ ὑπάλληλοι τοῦ ὑπουργείου ἀπεφάσισαν ἀπεργίαν διαμαρτυρίας.

Ο κ. ΜΠΕΝ ΜΠΕΛΛΑ ΑΝΕΧΩΡΗΣΕ ΔΙΑ ΤΗΝ ΜΟΣΧΑΝ

ΑΛΓΕΡΙΟΝ, 24. — Ὁ πρόεδρος τῆς Ἀλγερίας κ. Μπὲν Μπέλλα ἀνεχώρησε διὰ τὴν Μόσχαν, ὅπου θὰ πραγματοποιήσῃ ἐπίσημον ἐπίσκεψιν.

ΑΛΓΕΡΙΟΝ, 24. — Ὁ πρόεδρος τῆς Ἀλγερίας κ. Μπὲν Μπέλλα ἀνεχώρησε διὰ τὴν Μόσχαν, ὅπου θὰ πραγματοποιήσῃ ἐπίσημον ἐπίσκεψιν.

ΤΟ ΥΠΟΥΡΓΙΚΟΝ ΣΥΜΒΟΥΛΙΟΝ

ΑΘΗΝΑΙ, 24. — Ὑπὸ τὴν προεδρίαν τοῦ πρωθυπουργοῦ συνῆλθε τὸ ὑπουργικὸν συμβούλιον.

Η ΧΟΡΗΓΗΣΙΣ ΤΟΥ ΔΩΡΟΥ ΕΙΣ ΤΟΥΣ ΝΑΥΤΙΚΟΥΣ

ΑΘΗΝΑΙ, 24. — Ἀνακοινοῦται ὅτι τὸ δῶρον τοῦ Πάσχα εἰς τοὺς ναυτικοὺς θὰ καταβληθῇ μέχρι τῆς Μ. Τετάρτης.

ΝΕΟΣ ΑΥΣΤΡΑΛΟΣ ΥΠΟΥΡΓΟΣ ΕΞΩΤΕΡΙΚΩΝ

ΚΑΜΠΕΡΑ, 24. — Ὁ κ. Πὼλ Χάσλακ ἀνέλαβε τὸ ὑπουργεῖον ἐξωτερικῶν.

Ο κ. ΧΟΓΚΑΣ ΕΠΙΣΚΕΦΘΗ ΤΟΝ κ. ΠΑΠΑΝΔΡΕΟΥ

ΑΘΗΝΑΙ, 24. — Ὁ κ. Χόγκας ἐπεσκέφθη τὸν πρωθυπουργὸν κ. Παπανδρέου.

ΕΞΕΔΟΘΗ Η ΑΠΟΦΑΣΙΣ ΤΗΣ ΝΟΜΑΡΧΙΑΣ
Αἱ ὧραι ἐργασίας τῶν καταστημάτων κατὰ τὴν Μ. Ἑβδομάδα καὶ τὸ Πάσχα
ΠΟΤΕ ΘΑ ΑΝΟΙΓΟΥΝ ΚΑΙ ΠΟΤΕ ΘΑ ΚΛΕΙΟΥΝ

Δι᾽ ἀποφάσεως τῆς νομαρχίας, καθορίζονται αἱ ὧραι λειτουργίας τῶν καταστημάτων τῆς Θεσσαλονίκης κατὰ τὴν Μεγάλην Ἑβδομάδα καὶ τὰς ἑορτὰς τοῦ Πάσχα ὡς ἀκολούθως: ΕΜΠΟΡΙΚΑ ΚΑΤΑΣΤΗΜΑΤΑ: Δευτέρα — Τρίτη — Τετάρτη Π.Μ. 8.30 — 1 Μ.Μ. 4 — 8, Πέμπτη Π.Μ. 8.30 — 1 Μ.Μ. 3.30 — 8, Παρασκευή Π.Μ. 12 — 8 Μ.Μ., Σάββατον Π.Μ. 8.30 — 9 Μ.Μ.

ΚΡΕΟΠΩΛΕΙΑ: Μ. Δευτέρα ἕως Μ. Πέμπτη κανονικῶς, Μ. Παρασκευὴν κλειστά, Μ. Σάββατον Π.Μ. 5 — 9 Μ.Μ. — ΠΑΝΤΟΠΩΛΕΙΑ — ΕΔΩΔΙΜΟΠΩΛΕΙΑ — ΑΡΤΟΠΟΙΕΙΑ: Ὡς καὶ τὰ ἐμπορικὰ καταστήματα. — ΚΟΥΡΕΙΑ: Μ. Σάββατον ἕως 10 Μ.Μ.

Κατὰ τὴν Δευτέραν τοῦ Πάσχα τὰ καταστήματα θὰ παραμείνουν κλειστὰ πλὴν τῶν ἀρτοποιείων, τὰ ὁποῖα θὰ λειτουργήσουν μέχρι τῆς 12ης μεσημβρινῆς. Οἱ παραβάται θὰ διώκωνται αὐστηρῶς.

Δι᾽ ἀποφάσεως τῆς νομαρχίας, καθορίζονται αἱ ὧραι λειτουργίας τῶν καταστημάτων τῆς Θεσσαλονίκης κατὰ τὴν Μεγάλην Ἑβδομάδα καὶ τὰς ἑορτὰς τοῦ Πάσχα ὡς ἀκολούθως: ΕΜΠΟΡΙΚΑ ΚΑΤΑΣΤΗΜΑΤΑ: Δευτέρα — Τρίτη — Τετάρτη Π.Μ. 8.30 — 1 Μ.Μ. 4 — 8, Πέμπτη Π.Μ. 8.30 — 1 Μ.Μ. 3.30 — 8, Παρασκευή Π.Μ. 12 — 8 Μ.Μ., Σάββατον Π.Μ. 8.30 — 9 Μ.Μ.

ΚΡΕΟΠΩΛΕΙΑ: Μ. Δευτέρα ἕως Μ. Πέμπτη κανονικῶς, Μ. Παρασκευὴν κλειστά, Μ. Σάββατον Π.Μ. 5 — 9 Μ.Μ. — ΠΑΝΤΟΠΩΛΕΙΑ — ΕΔΩΔΙΜΟΠΩΛΕΙΑ — ΑΡΤΟΠΟΙΕΙΑ: Ὡς καὶ τὰ ἐμπορικὰ καταστήματα. — ΚΟΥΡΕΙΑ: Μ. Σάββατον ἕως 10 Μ.Μ.

Κατὰ τὴν Δευτέραν τοῦ Πάσχα τὰ καταστήματα θὰ παραμείνουν κλειστὰ πλὴν τῶν ἀρτοποιείων, τὰ ὁποῖα θὰ λειτουργήσουν μέχρι τῆς 12ης μεσημβρινῆς. Οἱ παραβάται θὰ διώκωνται αὐστηρῶς.

Ἐπὶ τῆς ὁδοῦ Δημ. Γούναρη
ΜΕΣΗΛΙΞ ΠΑΣΧΟΥΣΑ ΕΚ ΜΕΛΑΓΧΟΛΙΑΣ ΕΠΥΡΠΟΛΗΣΕ ΤΟ ΔΙΑΜΕΡΙΣΜΑ ΤΗΣ ΔΙΑ ΝΑ ΜΗ ΤΟ ΧΑΡΙΣΗ Ο ΑΓΟΡΑΣΤΗΣ ΤΟΥ
ΕΝΩ ΑΠΕΧΩΡΕΙ ΕΝΕΚΛΕΙΣΘΗ ΕΙΣ ΤΟΝ ΑΝΕΛΚΥΣΤΗΡΑ.— ΠΥΡΟΣΒΕΣΤΑΙ ΤΗΝ ΑΠΕΛΕΥΘΕΡΩΣΑΝ ΚΑΙ ΚΑΤΕΣΒΕΣΑΝ ΤΟ ΠΥΡ.— ΤΟ ΕΙΧΕ ΠΩΛΗΣΕΙ ΛΟΓΩ ΟΙΚΟΝΟΜΙΚΩΝ ΤΗΣ ΔΥΣΧΕΡΕΙΩΝ

Τὴν 7ην π.μ. χθές, ἡ Ἄννα Σαχινίδου, ἐτῶν 45, κάτοικος διαμερίσματος εἰς τὴν ὁδὸν Δημ. Γούναρη, περιέλουσε μὲ πετρέλαιον τὰ ἔπιπλα τοῦ διαμερίσματός της καὶ ἔθεσε πῦρ. Ἀκολούθως ἐπεχείρησε νὰ ἀπομακρυνθῇ, ἀλλὰ ἐνεκλείσθη εἰς τὸν ἀνελκυστῆρα, ἀπὸ τὸν ὁποῖον τὴν ἀπηλευθέρωσαν οἱ πυροσβέσται.

Τὴν 7ην π.μ. χθές, ἡ Ἄννα Σαχινίδου, ἐτῶν 45, κάτοικος διαμερίσματος εἰς τὴν ὁδὸν Δημ. Γούναρη, περιέλουσε μὲ πετρέλαιον τὰ ἔπιπλα τοῦ διαμερίσματός της καὶ ἔθεσε πῦρ. Ἀκολούθως ἐπεχείρησε νὰ ἀπομακρυνθῇ, ἀλλὰ ἐνεκλείσθη εἰς τὸν ἀνελκυστῆρα, ἀπὸ τὸν ὁποῖον τὴν ἀπηλευθέρωσαν οἱ πυροσβέσται.

Πέραν τῆς θελήσεως μας
ΑΠΡΟΒΛΕΠΤΟΙ ΤΕΛΕΙΩΣ ΠΑΡΑΓΟΝΤΕΣ ΑΝΑΤΡΕΠΕΙ ΑΠΡΟΣΔΟΚΗΤΩΣ ΤΑ ΑΠΟΤΕΛΕΣΜΑΤΑ ΠΕΙΡΑΜΑΤΟΣ
Η ΥΠΟΘΕΤΙΚΗ ΣΥΝΤΡΙΒΗ ΑΕΡΟΠΛΑΝΟΥ ΠΡΟΣ ΜΕΛΕΤΗΝ ΤΗΣ ΑΣΦΑΛΕΙΑΣ ΤΩΝ ΕΠΙΒΑΤΩΝ.— ΑΙΦΝΙΔΙΑ ΠΥΡΚΑΪΑ ΚΑΤΕΣΤΡΕΨΕ ΤΟ ΠΑΝ.— ΑΙ ΥΛΙΚΑΙ ΖΗΜΙΑΙ.—

ΦΟΙΝΙΞ, Ἀριζόνας, 24. (Ἀσ. Πρέσ).— Κατὰ τὴν διάρκειαν πειράματος συντριβῆς ἀεροπλάνου, τὸ ὁποῖον ἐπραγματοποιήθη διὰ τὴν μελέτην τῆς ἀσφαλείας τῶν ἐπιβατῶν, ἐξερράγη αἰφνιδίως πυρκαϊά, ἡ ὁποία κατέστρεψε τὸ σύνολον τῶν ὀργάνων μετρήσεως. Αἱ ὑλικαὶ ζημίαι ὑπολογίζονται εἰς 100.000 δολλάρια.

ΦΟΙΝΙΞ, Ἀριζόνας, 24. (Ἀσ. Πρέσ).— Κατὰ τὴν διάρκειαν πειράματος συντριβῆς ἀεροπλάνου, τὸ ὁποῖον ἐπραγματοποιήθη διὰ τὴν μελέτην τῆς ἀσφαλείας τῶν ἐπιβατῶν, ἐξερράγη αἰφνιδίως πυρκαϊά, ἡ ὁποία κατέστρεψε τὸ σύνολον τῶν ὀργάνων μετρήσεως. Αἱ ὑλικαὶ ζημίαι ὑπολογίζονται εἰς 100.000 δολλάρια.

ΠΑΡΑ ΤΗΝ ΕΠΙΚΡΑΤΗΣΙΝ ΤΟΥ
ΑΝΕΥ ΗΘΙΚΗΣ ΔΙΚΑΙΩΣΕΩΣ ΤΟ ΠΡΑΞΙΚΟΠΗΜΑ ΕΙΣ ΤΟ ΛΑΟΣ
ΕΠΙΚΡΙΝΕΤΑΙ ΤΟΣΟΝ ΑΠΟ ΤΗΝ ΔΕΞΙΑΝ, ΟΣΟΝ ΚΑΙ ΤΗΝ ΑΡΙΣΤΕΡΑΝ.— Η ΧΟΥΝΤΑ ΥΠΟΧΩΡΕΙ.— Ο ΣΟΥΒΑΝΝΑ ΦΟΥΜΑ ΣΧΗΜΑΤΙΖΕΙ ΚΑΙ ΠΑΛΙΝ ΚΥΒΕΡΝΗΣΙΝ

ΜΟΣΧΑ, 24. (Ἀσ. Πρές).— Ἡ κυβέρνησις τῆς Σοβιετικῆς Ἑνώσεως ἐχαρακτήρισε τὸ πραξικόπημα εἰς τὸ Λάος ὡς ἐνέργειαν ἀνευ ἠθικῆς δικαιώσεως. — ΒΙΕΝΤΙΑΝΗ, 24. (Ρώυτερ).— Ὁ πρίγκηψ Σουβάννα Φούμα ἀνέλαβε ἐκ νέου τὸν σχηματισμὸν κυβερνήσεως κατόπιν συμφωνίας μὲ τὴν στρατιωτικὴν χούνταν.

ΜΟΣΧΑ, 24. (Ἀσ. Πρές).— Ἡ κυβέρνησις τῆς Σοβιετικῆς Ἑνώσεως ἐχαρακτήρισε τὸ πραξικόπημα εἰς τὸ Λάος ὡς ἐνέργειαν ἀνευ ἠθικῆς δικαιώσεως. — ΒΙΕΝΤΙΑΝΗ, 24. (Ρώυτερ).— Ὁ πρίγκηψ Σουβάννα Φούμα ἀνέλαβε ἐκ νέου τὸν σχηματισμὸν κυβερνήσεως κατόπιν συμφωνίας μὲ τὴν στρατιωτικὴν χούνταν.

ΕΠΙΚΡΙΣΕΙΣ ΤΟ ΦΟΥΜΑ

ΒΙΕΝΤΙΑΝΗ, 24. — Ὁ πρωθυπουργὸς τοῦ Λάος συνεζήτησε μὲ τοὺς ἀρχηγοὺς τῆς χούντας τὴν ἀποκατάστασιν τῆς τάξεως.

ΣΥΜΦΩΝΙΑ ΜΕ ΤΗΝ ΧΟΥΝΤΑΝ

ΒΙΕΝΤΙΑΝΗ, 24. (Ἀσ. Τύπος).— Ὁ στρατηγὸς Κουπρασίθ ἐδήλωσεν ὅτι ἡ χούντα θὰ ἀποσυρθῇ ἀπὸ τὴν πολιτικὴν ζωήν.

ΣΧΟΛΙΑ ΤΟΥ ΠΕΚΙΝΟΥ

ΠΕΚΙΝΟΝ, 24. (Ρώυτερ).— Αἱ ἐφημερίδες τοῦ Πεκίνου κατηγοροῦν τὰς Ἡνωμένας Πολιτείας διὰ ἀνάμειξιν εἰς τὰ ἐσωτερικὰ τοῦ Λάος.
